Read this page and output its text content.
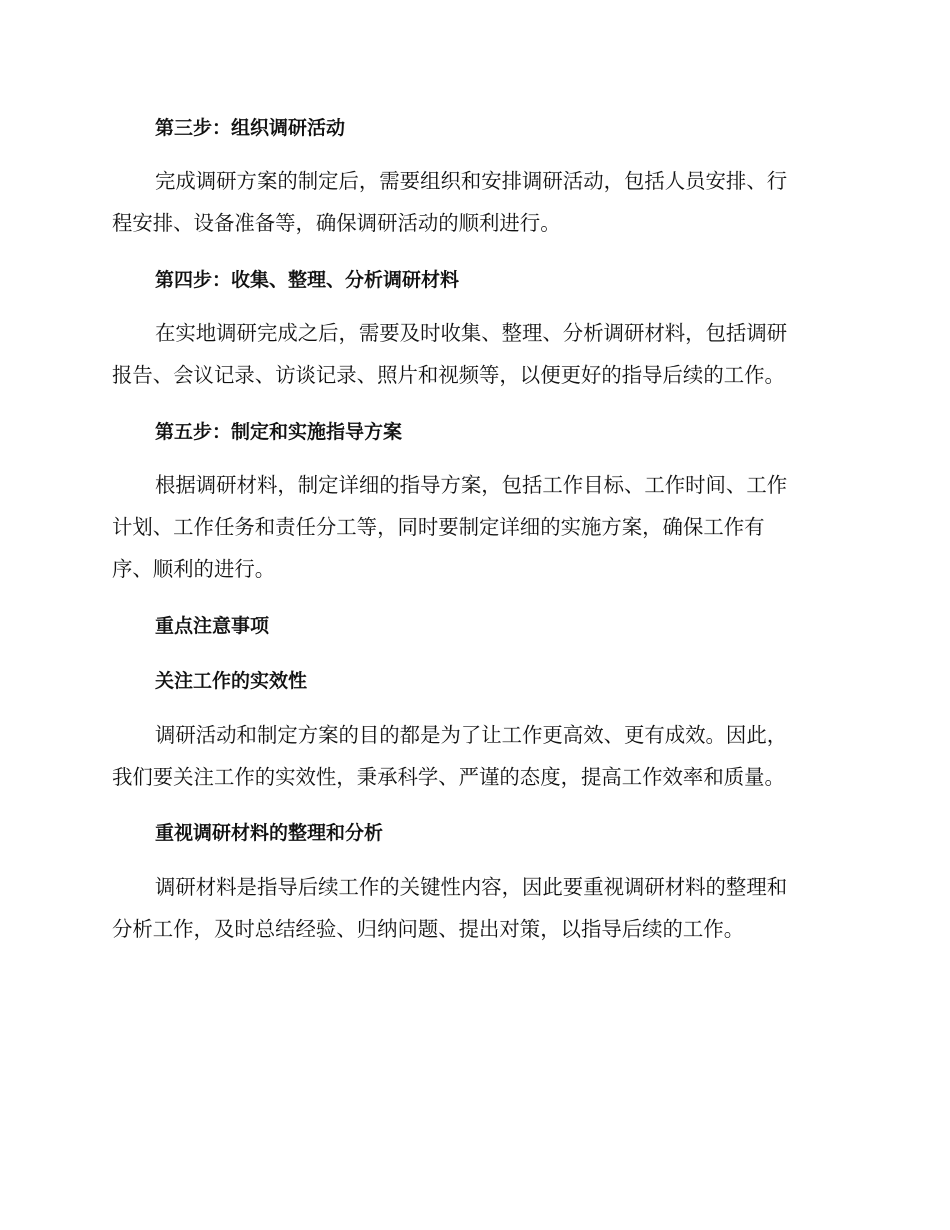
第三步：组织调研活动
完成调研方案的制定后，需要组织和安排调研活动，包括人员安排、行
程安排、设备准备等，确保调研活动的顺利进行。
第四步：收集、整理、分析调研材料
在实地调研完成之后，需要及时收集、整理、分析调研材料，包括调研
报告、会议记录、访谈记录、照片和视频等，以便更好的指导后续的工作。
第五步：制定和实施指导方案
根据调研材料，制定详细的指导方案，包括工作目标、工作时间、工作
计划、工作任务和责任分工等，同时要制定详细的实施方案，确保工作有
序、顺利的进行。
重点注意事项
关注工作的实效性
调研活动和制定方案的目的都是为了让工作更高效、更有成效。因此，
我们要关注工作的实效性，秉承科学、严谨的态度，提高工作效率和质量。
重视调研材料的整理和分析
调研材料是指导后续工作的关键性内容，因此要重视调研材料的整理和
分析工作，及时总结经验、归纳问题、提出对策，以指导后续的工作。
